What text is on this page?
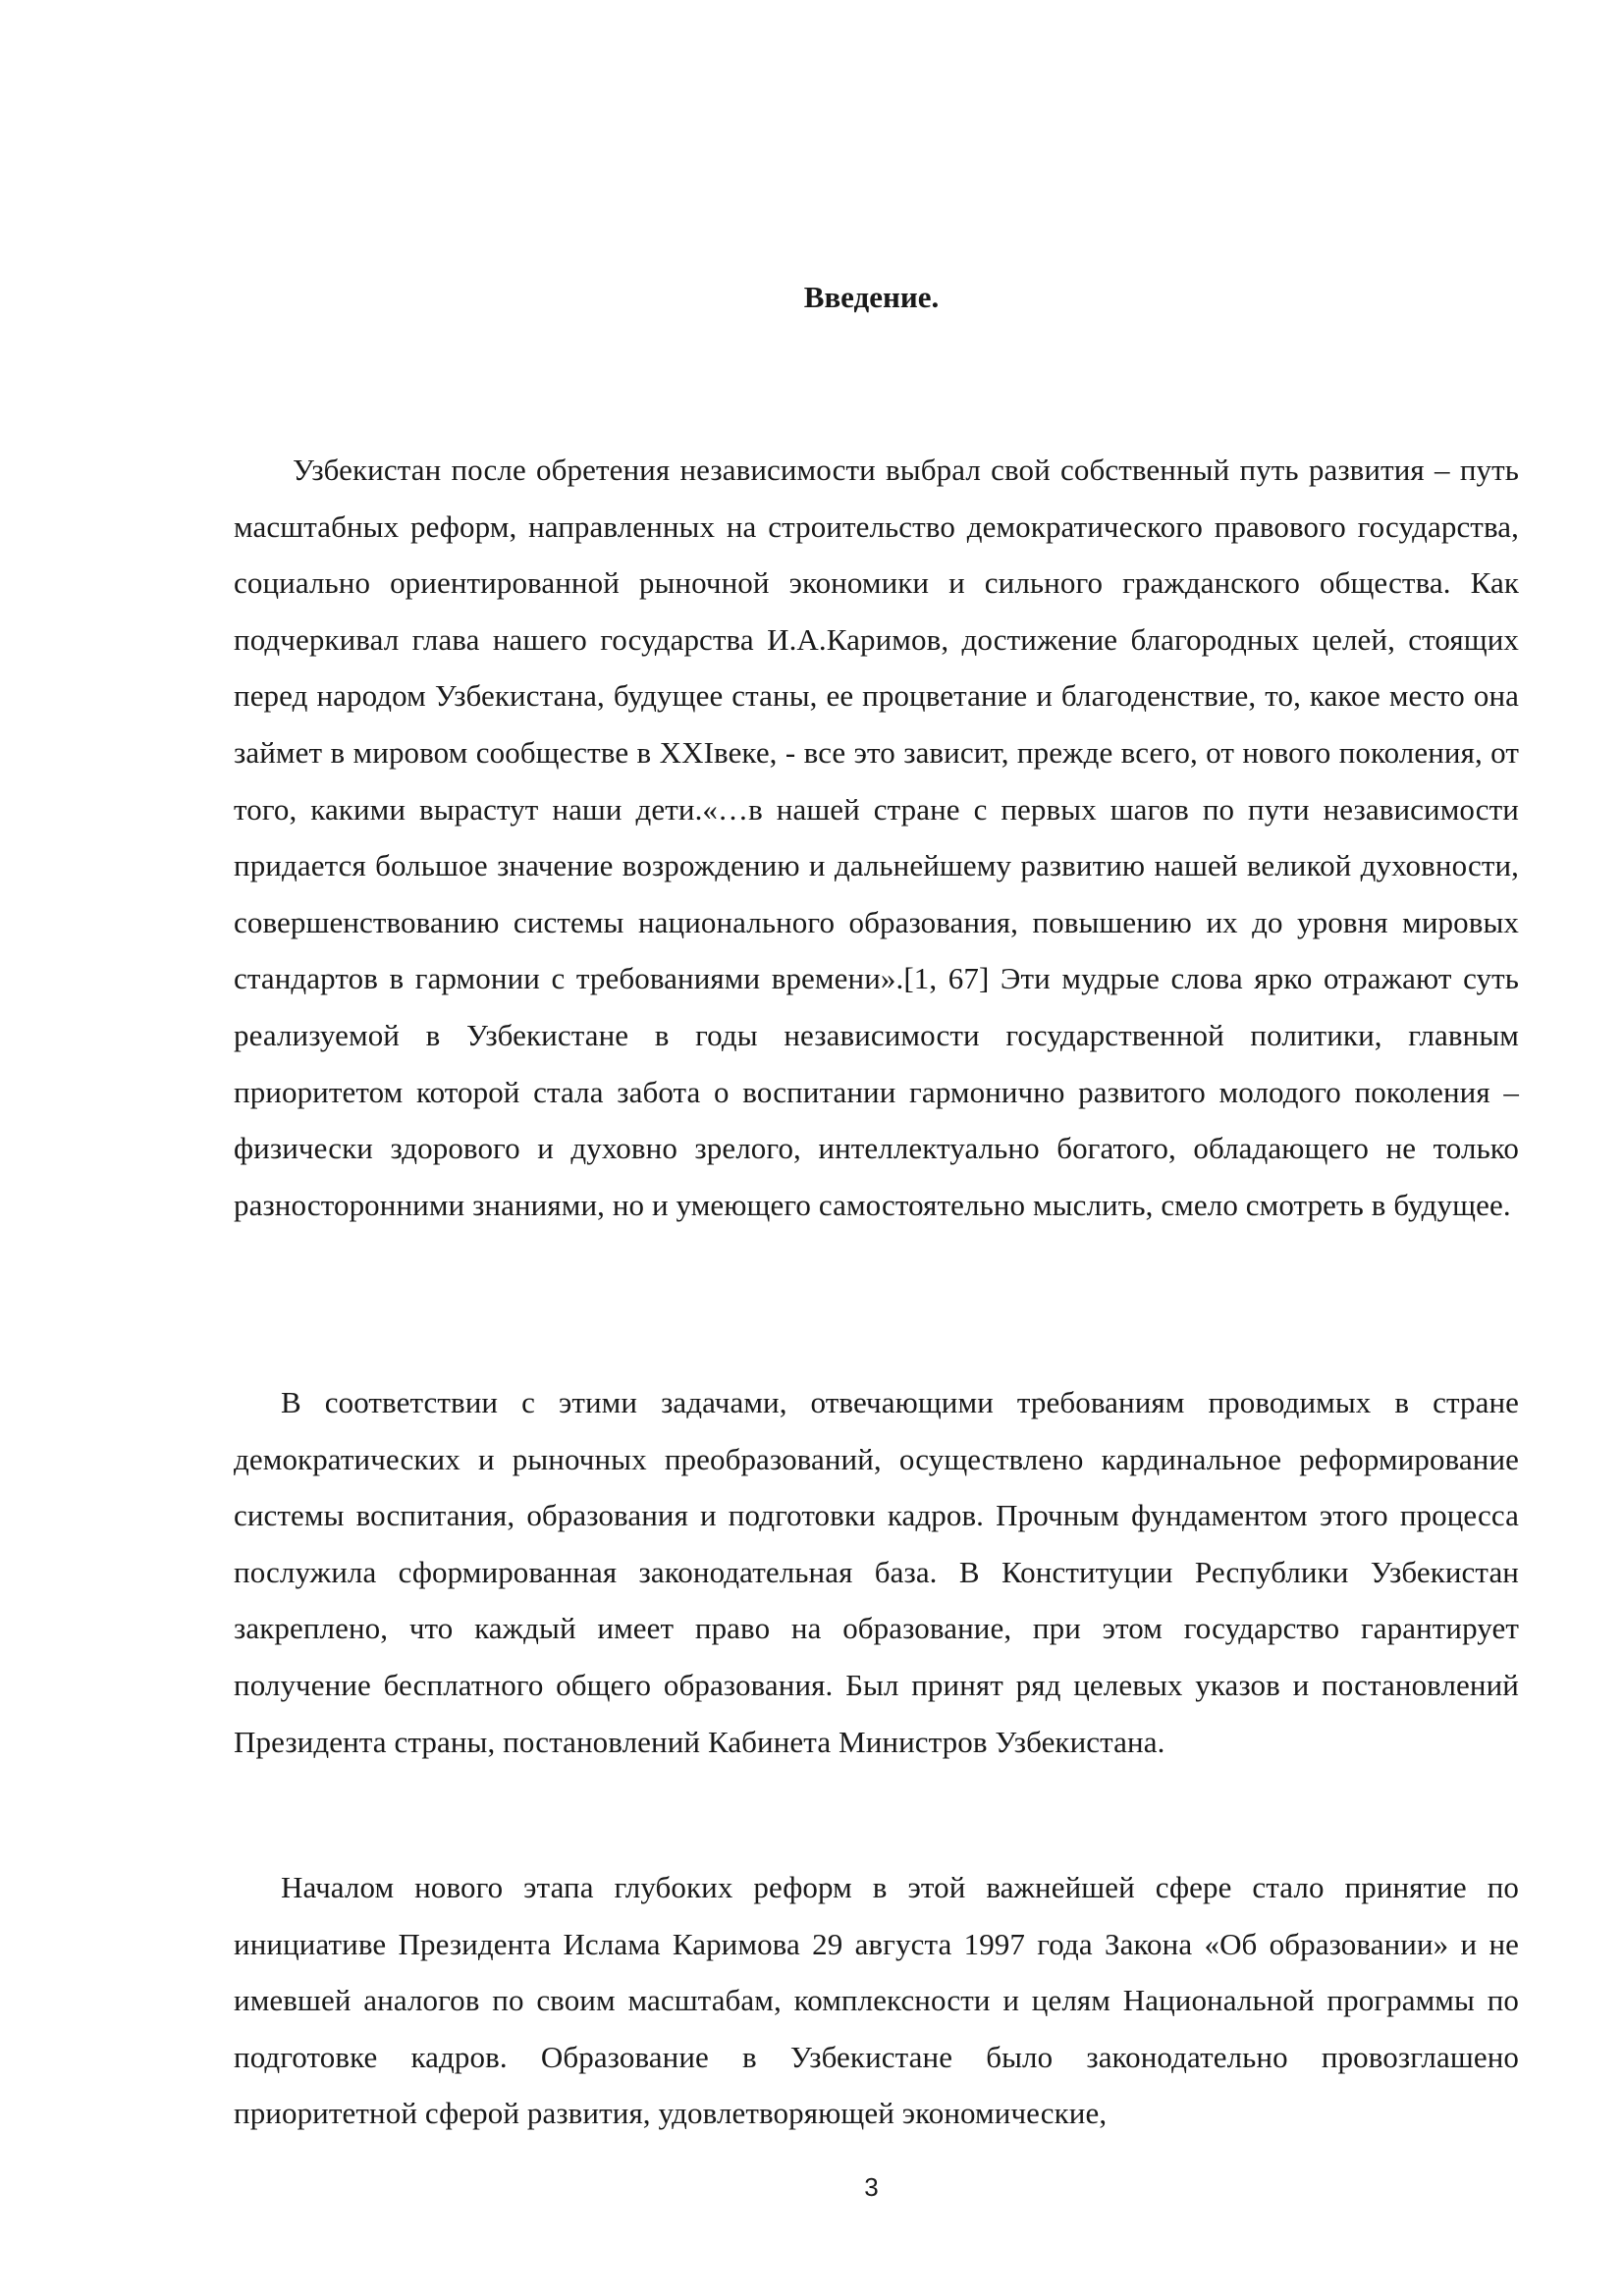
Введение.

Узбекистан после обретения независимости выбрал свой собственный путь развития – путь масштабных реформ, направленных на строительство демократического правового государства, социально ориентированной рыночной экономики и сильного гражданского общества. Как подчеркивал глава нашего государства И.А.Каримов, достижение благородных целей, стоящих перед народом Узбекистана, будущее станы, ее процветание и благоденствие, то, какое место она займет в мировом сообществе в XXIвеке, - все это зависит, прежде всего, от нового поколения, от того, какими вырастут наши дети.«…в нашей стране с первых шагов по пути независимости придается большое значение возрождению и дальнейшему развитию нашей великой духовности, совершенствованию системы национального образования, повышению их до уровня мировых стандартов в гармонии с требованиями времени».[1, 67] Эти мудрые слова ярко отражают суть реализуемой в Узбекистане в годы независимости государственной политики, главным приоритетом которой стала забота о воспитании гармонично развитого молодого поколения – физически здорового и духовно зрелого, интеллектуально богатого, обладающего не только разносторонними знаниями, но и умеющего самостоятельно мыслить, смело смотреть в будущее.

В соответствии с этими задачами, отвечающими требованиям проводимых в стране демократических и рыночных преобразований, осуществлено кардинальное реформирование системы воспитания, образования и подготовки кадров. Прочным фундаментом этого процесса послужила сформированная законодательная база. В Конституции Республики Узбекистан закреплено, что каждый имеет право на образование, при этом государство гарантирует получение бесплатного общего образования. Был принят ряд целевых указов и постановлений Президента страны, постановлений Кабинета Министров Узбекистана.

Началом нового этапа глубоких реформ в этой важнейшей сфере стало принятие по инициативе Президента Ислама Каримова 29 августа 1997 года Закона «Об образовании» и не имевшей аналогов по своим масштабам, комплексности и целям Национальной программы по подготовке кадров. Образование в Узбекистане было законодательно провозглашено приоритетной сферой развития, удовлетворяющей экономические,

3
